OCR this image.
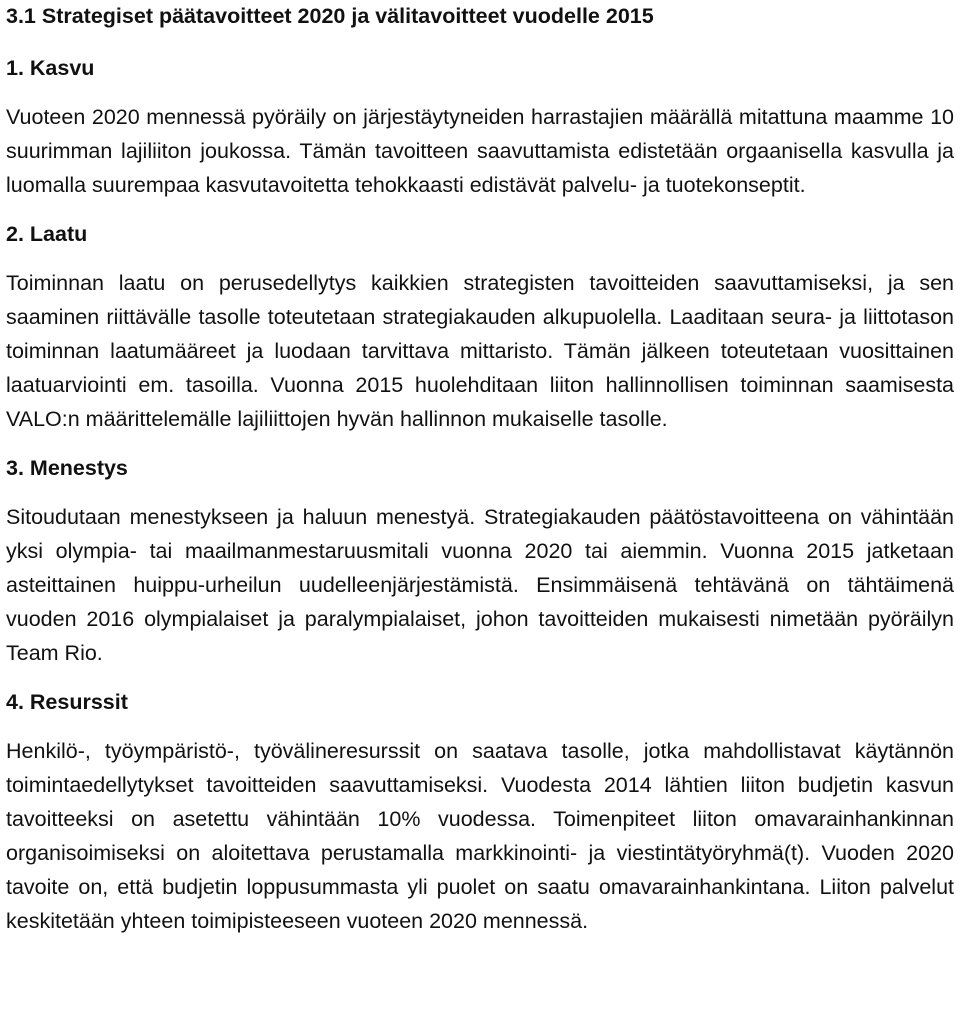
3.1 Strategiset päätavoitteet 2020 ja välitavoitteet vuodelle 2015
1. Kasvu

Vuoteen 2020 mennessä pyöräily on järjestäytyneiden harrastajien määrällä mitattuna maamme 10 suurimman lajiliiton joukossa. Tämän tavoitteen saavuttamista edistetään orgaanisella kasvulla ja luomalla suurempaa kasvutavoitetta tehokkaasti edistävät palvelu- ja tuotekonseptit.

2. Laatu

Toiminnan laatu on perusedellytys kaikkien strategisten tavoitteiden saavuttamiseksi, ja sen saaminen riittävälle tasolle toteutetaan strategiakauden alkupuolella. Laaditaan seura- ja liittotason toiminnan laatumääreet ja luodaan tarvittava mittaristo. Tämän jälkeen toteutetaan vuosittainen laatuarviointi em. tasoilla. Vuonna 2015 huolehditaan liiton hallinnollisen toiminnan saamisesta VALO:n määrittelemälle lajiliittojen hyvän hallinnon mukaiselle tasolle.

3. Menestys

Sitoudutaan menestykseen ja haluun menestyä. Strategiakauden päätöstavoitteena on vähintään yksi olympia- tai maailmanmestaruusmitali vuonna 2020 tai aiemmin. Vuonna 2015 jatketaan asteittainen huippu-urheilun uudelleenjärjestämistä. Ensimmäisenä tehtävänä on tähtäimenä vuoden 2016 olympialaiset ja paralympialaiset, johon tavoitteiden mukaisesti nimetään pyöräilyn Team Rio.

4. Resurssit

Henkilö-, työympäristö-, työvälineresurssit on saatava tasolle, jotka mahdollistavat käytännön toimintaedellytykset tavoitteiden saavuttamiseksi. Vuodesta 2014 lähtien liiton budjetin kasvun tavoitteeksi on asetettu vähintään 10% vuodessa. Toimenpiteet liiton omavarainhankinnan organisoimiseksi on aloitettava perustamalla markkinointi- ja viestintätyöryhmä(t). Vuoden 2020 tavoite on, että budjetin loppusummasta yli puolet on saatu omavarainhankintana. Liiton palvelut keskitetään yhteen toimipisteeseen vuoteen 2020 mennessä.
